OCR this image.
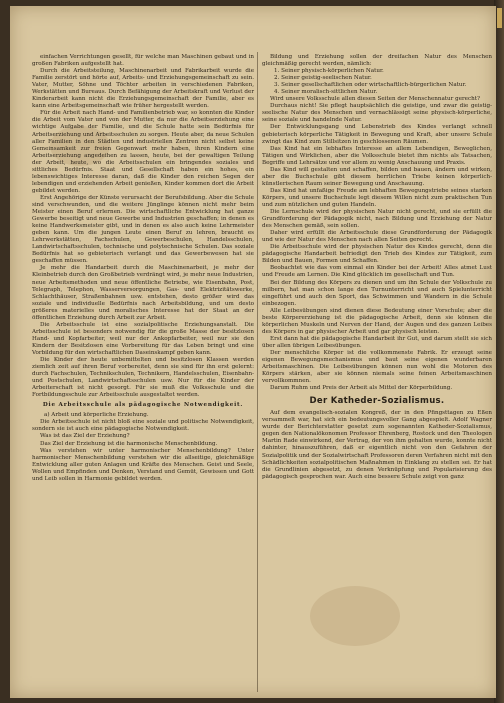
einfachen Verrichtungen gesellt, für welche man Maschinen gebaut und in großen Fabriken aufgestellt hat.

Durch die Arbeitsteilung, Maschinenarbeit und Fabrikarbeit wurde die Familie zerstört und hörte auf, Arbeits- und Erziehungsgemeinschaft zu sein. Vater, Mutter, Söhne und Töchter arbeiten in verschiedenen Fabriken, Werkstätten und Bureaus. Durch Befähigung der Arbeitskraft und Verlust der Kinderarbeit kann nicht die Erziehungsgemeinschaft der Familie, aber es kann eine Arbeitsgemeinschaft wie früher hergestellt werden.

Für die Arbeit nach Hand- und Familienbetrieb war, so konnten die Kinder die Arbeit vom Vater und von der Mutter, da nur die Arbeitserziehung eine wichtige Aufgabe der Familie, und die Schule hatte sein Bedürfnis für Arbeitserziehung und Arbeitsschulen zu sorgen. Heute aber, da neue Schulen aller Familien in den Städten und industriellen Zentren nicht selbst keine Gemeinsamkeit zur freien Gegenwart mehr haben, ihren Kindern eine Arbeitserziehung angedeihen zu lassen, heute, bei der gewaltigen Teilung der Arbeit, heute, wo die Arbeitsschulen ein bringendes soziales und sittliches Bedürfnis. Staat und Gesellschaft haben ein hohes, ein lebenswichtiges Interesse daran, daß die Kinder den reichen Segen der lebendigen und erziehenden Arbeit genießen, Kinder kommen dort die Arbeit gebildet werden.

Erst Angehörige der Künste verursacht der Berufsbildung. Aber die Schule sind verschwunden, und die weitere Jünglinge können nicht mehr beim Meister einen Beruf erlernen. Die wirtschaftliche Entwicklung hat ganze Gewerbe beseitigt und neue Gewerbe und Industrien geschaffen; in denen es keine Handwerksmeister gibt, und in denen es also auch keine Lehrmeister geben kann. Um die jungen Leute einen Beruf zu lehren, braucht es Lehrwerkstätten, Fachschulen, Gewerbeschulen, Handelsschulen, Landwirtschaftsschulen, technische und polytechnische Schulen. Das soziale Bedürfnis hat so gebieterisch verlangt und das Gewerbewesen hat sie geschaffen müssen.

Je mehr die Handarbeit durch die Maschinenarbeit, je mehr der Kleinbetrieb durch den Großbetrieb verdrängt wird, je mehr neue Industrien, neue Arbeitsmethoden und neue öffentliche Betriebe, wie Eisenbahn, Post, Telegraph, Telephon, Wasserversorgungen, Gas- und Elektrizitätswerke, Schlachthäuser, Straßenbahnen usw. entstehen, desto größer wird das soziale und individuelle Bedürfnis nach Arbeitsbildung, und um desto größeres materielles und moralisches Interesse hat der Staat an der öffentlichen Erziehung durch Arbeit zur Arbeit.

Die Arbeitsschule ist eine sozialpolitische Erziehungsanstalt. Die Arbeitsschule ist besonders notwendig für die große Masse der besitzlosen Hand- und Kopfarbeiter, weil nur der Ankopfarbeiter, weil nur sie den Kindern der Besitzlosen eine Vorbereitung für das Leben bringt und eine Vorbildung für den wirtschaftlichen Daseinskampf geben kann.

Die Kinder der heute unbemittelten und besitzlosen Klassen werden ziemlich zeit auf ihren Beruf vorbereitet, denn sie sind für ihn erst gelernt: durch Fachschulen, Technikschulen, Technikern, Handelsschulen, Eisenbahn- und Postschulen, Landwirtschaftsschulen usw. Nur für die Kinder der Arbeiterschaft ist nicht gesorgt. Für sie muß die Volksschule und die Fortbildungsschule zur Arbeitsschule ausgestaltet werden.

Die Arbeitsschule als pädagogische Notwendigkeit.

a) Arbeit und körperliche Erziehung.

Die Arbeitsschule ist nicht bloß eine soziale und politische Notwendigkeit, sondern sie ist auch eine pädagogische Notwendigkeit.

Was ist das Ziel der Erziehung?

Das Ziel der Erziehung ist die harmonische Menschenbildung.

Was verstehen wir unter harmonischer Menschenbildung? Unter harmonischer Menschenbildung verstehen wir die allseitige, gleichmäßige Entwicklung aller guten Anlagen und Kräfte des Menschen. Geist und Seele, Wollen und Empfinden und Denken, Verstand und Gemüt, Gewissen und Gott und Leib sollen in Harmonie gebildet werden.

Bildung und Erziehung sollen der dreifachen Natur des Menschen gleichmäßig gerecht werden, nämlich:

1. Seiner physisch-körperlichen Natur.

2. Seiner geistig-seelischen Natur.

3. Seiner gesellschaftlichen oder wirtschaftlich-bürgerlichen Natur.

4. Seiner moralisch-sittlichen Natur.

Wird unsere Volksschule allen diesen Seiten der Menschennatur gerecht?

Durchaus nicht! Sie pflegt hauptsächlich die geistige, und zwar die geistig-seelische Natur des Menschen und vernachlässigt seine physisch-körperliche, seine soziale und handelnde Natur.

Der Entwicklungsgang und Lebenstrieb des Kindes verlangt schnell gebieterisch körperliche Tätigkeit in Bewegung und Kraft, aber unsere Schule zwingt das Kind zum Stillsitzen in geschlossenen Räumen.

Das Kind hat ein lebhaftes Interesse an allem Lebendigen, Beweglichen, Tätigen und Wirklichen, aber die Volksschule bietet ihm nichts als Tatsachen, Begriffe und Lehrsätze und vor allem zu wenig Anschauung und Praxis.

Das Kind will gestalten und schaffen, bilden und bauen, ändern und wirken, aber die Buchschule gibt diesem herrlichen Triebe keinen körperlich-künstlerischen Raum seiner Bewegung und Anschauung.

Das Kind hat unfaßige Freude am lebhaften Bewegungstriebe seines starken Körpers, und unsere Buchschule legt diesem Willen nicht zum praktischen Tun und zum nützlichen und guten Handeln.

Die Lernschule wird der physischen Natur nicht gerecht, und sie erfüllt die Grundforderung der Pädagogik nicht, nach Bildung und Erziehung der Natur des Menschen gemäß, sein sollen.

Daher wird erfüllt die Arbeitsschule diese Grundforderung der Pädagogik und wie der Natur des Menschen nach allen Seiten gerecht.

Die Arbeitsschule wird der physischen Natur des Kindes gerecht, denn die pädagogische Handarbeit befriedigt den Trieb des Kindes zur Tätigkeit, zum Bilden und Bauen, Formen und Schaffen.

Beobachtet wie das vom einmal ein Kinder bei der Arbeit! Alles atmet Lust und Freude am Lernen. Die Kind glücklich im gesellschaft und Tun.

Bei der Bildung des Körpers zu dienen und um ihn Schule der Volkschule zu milbern, hat man schon lange den Turnunterricht und auch Spielunterricht eingeführt und auch den Sport, das Schwimmen und Wandern in die Schule einbezogen.

Alle Leibesübungen sind dienen diese Bedeutung einer Vorschule; aber die beste Körpererziehung ist die pädagogische Arbeit, denn sie können die körperlichen Muskeln und Nerven der Hand, der Augen und des ganzen Leibes des Körpers in gar physischer Arbeit und gar physisch leisten.

Erst dann hat die pädagogische Handarbeit ihr Gut, und darum stellt sie sich über allen übrigen Leibesübungen.

Der menschliche Körper ist die vollkommenste Fabrik. Er erzeugt seine eigenen Bewegungsmechanismus und baut seine eigenen wunderbaren Arbeitsmaschinen. Die Leibesübungen können nun wohl die Motoren des Körpers stärken, aber sie können niemals seine feinen Arbeitsmaschinen vervollkommnen.

Darum Ruhm und Preis der Arbeit als Mittel der Körperbildung.

Der Katheder-Sozialismus.

Auf dem evangelisch-sozialen Kongreß, der in den Pfingsttagen zu Eßen versammelt war, hat sich ein bedeutungsvoller Gang abgespielt. Adolf Wagner wurde der Berichterstatter gesetzt zum sogenannten Katheder-Sozialismus, gegen den Nationalökonomen Professor Ehrenberg, Rostock und den Theologen Martin Rade einwirkend, der Vertrag, der von ihm gehalten wurde, konnte nicht dahinter, hinauszuführen, daß er eigentlich nicht von den Gefahren der Sozialpolitik und der Sozialwirtschaft Professoren deren Verfahren nicht mit den Schädlichkeiten sozialpolitischen Maßnahmen in Einklang zu stellen sei. Er hat die Grundlinien abgesetzt, zu denen Verknüpfung und Popularisierung des pädagogisch gesprochen war. Auch eine bessere Schule zeigt von ganz
